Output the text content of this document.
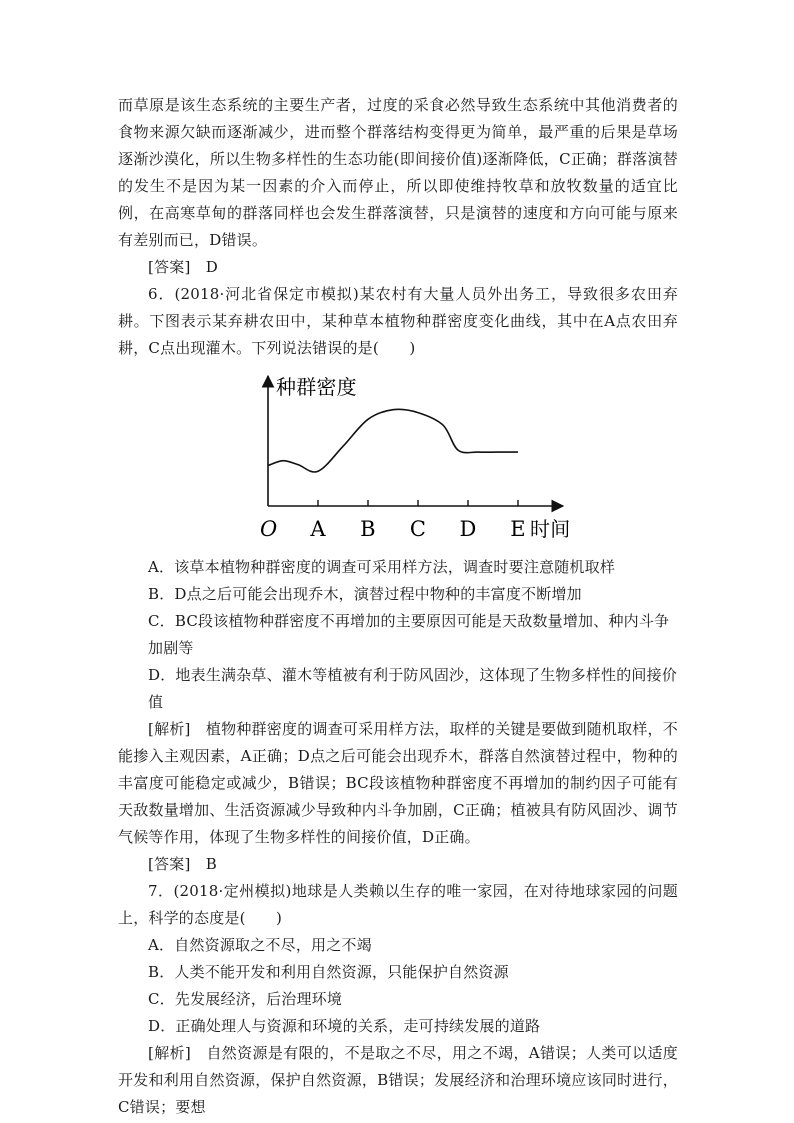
而草原是该生态系统的主要生产者，过度的采食必然导致生态系统中其他消费者的食物来源欠缺而逐渐减少，进而整个群落结构变得更为简单，最严重的后果是草场逐渐沙漠化，所以生物多样性的生态功能(即间接价值)逐渐降低，C正确；群落演替的发生不是因为某一因素的介入而停止，所以即使维持牧草和放牧数量的适宜比例，在高寒草甸的群落同样也会发生群落演替，只是演替的速度和方向可能与原来有差别而已，D错误。

[答案]　D

6．(2018·河北省保定市模拟)某农村有大量人员外出务工，导致很多农田弃耕。下图表示某弃耕农田中，某种草本植物种群密度变化曲线，其中在A点农田弃耕，C点出现灌木。下列说法错误的是(　　)

种群密度
O	时间
A B C D E

A．该草本植物种群密度的调查可采用样方法，调查时要注意随机取样

B．D点之后可能会出现乔木，演替过程中物种的丰富度不断增加

C．BC段该植物种群密度不再增加的主要原因可能是天敌数量增加、种内斗争加剧等

D．地表生满杂草、灌木等植被有利于防风固沙，这体现了生物多样性的间接价值

[解析]　植物种群密度的调查可采用样方法，取样的关键是要做到随机取样，不能掺入主观因素，A正确；D点之后可能会出现乔木，群落自然演替过程中，物种的丰富度可能稳定或减少，B错误；BC段该植物种群密度不再增加的制约因子可能有天敌数量增加、生活资源减少导致种内斗争加剧，C正确；植被具有防风固沙、调节气候等作用，体现了生物多样性的间接价值，D正确。

[答案]　B

7．(2018·定州模拟)地球是人类赖以生存的唯一家园，在对待地球家园的问题上，科学的态度是(　　)

A．自然资源取之不尽，用之不竭

B．人类不能开发和利用自然资源，只能保护自然资源

C．先发展经济，后治理环境

D．正确处理人与资源和环境的关系，走可持续发展的道路

[解析]　自然资源是有限的，不是取之不尽，用之不竭，A错误；人类可以适度开发和利用自然资源，保护自然资源，B错误；发展经济和治理环境应该同时进行，C错误；要想
